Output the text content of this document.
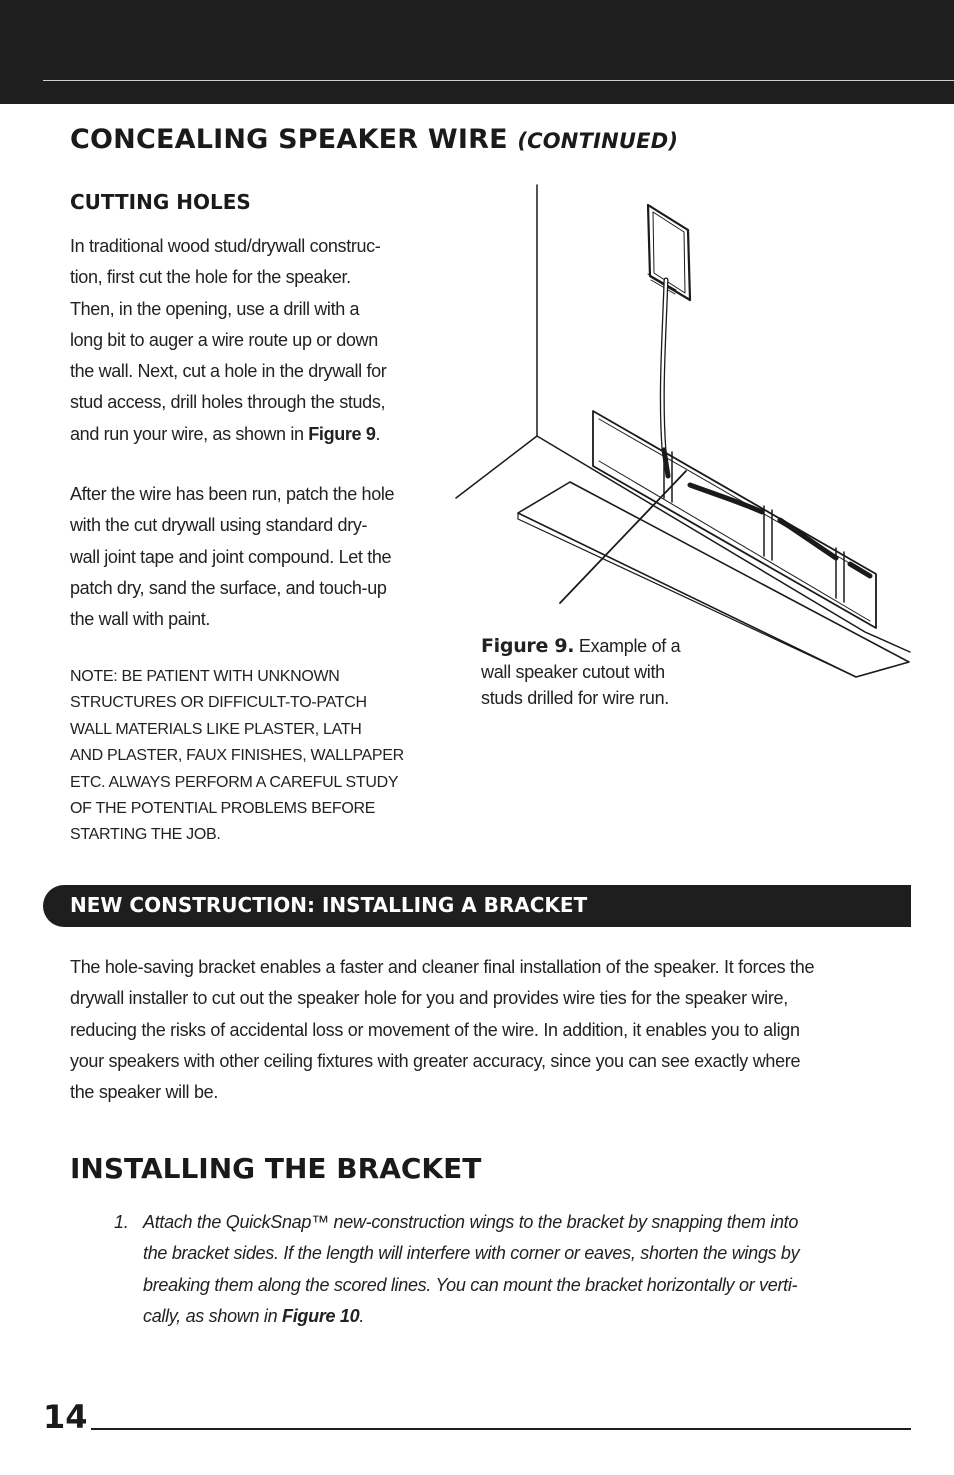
CONCEALING SPEAKER WIRE (CONTINUED)
CUTTING HOLES

In traditional wood stud/drywall construc-

tion, first cut the hole for the speaker.

Then, in the opening, use a drill with a

long bit to auger a wire route up or down

the wall. Next, cut a hole in the drywall for

stud access, drill holes through the studs,

and run your wire, as shown in Figure 9.

After the wire has been run, patch the hole

with the cut drywall using standard dry-

wall joint tape and joint compound. Let the

patch dry, sand the surface, and touch-up

the wall with paint.

NOTE: BE PATIENT WITH UNKNOWN

STRUCTURES OR DIFFICULT-TO-PATCH

WALL MATERIALS LIKE PLASTER, LATH

AND PLASTER, FAUX FINISHES, WALLPAPER

ETC. ALWAYS PERFORM A CAREFUL STUDY

OF THE POTENTIAL PROBLEMS BEFORE

STARTING THE JOB.

Figure 9. Example of a
wall speaker cutout with
studs drilled for wire run.
NEW CONSTRUCTION: INSTALLING A BRACKET

The hole-saving bracket enables a faster and cleaner final installation of the speaker. It forces the

drywall installer to cut out the speaker hole for you and provides wire ties for the speaker wire,

reducing the risks of accidental loss or movement of the wire. In addition, it enables you to align

your speakers with other ceiling fixtures with greater accuracy, since you can see exactly where

the speaker will be.

INSTALLING THE BRACKET
1. Attach the QuickSnap™ new-construction wings to the bracket by snapping them into
the bracket sides. If the length will interfere with corner or eaves, shorten the wings by
breaking them along the scored lines. You can mount the bracket horizontally or verti-
cally, as shown in Figure 10.
14
